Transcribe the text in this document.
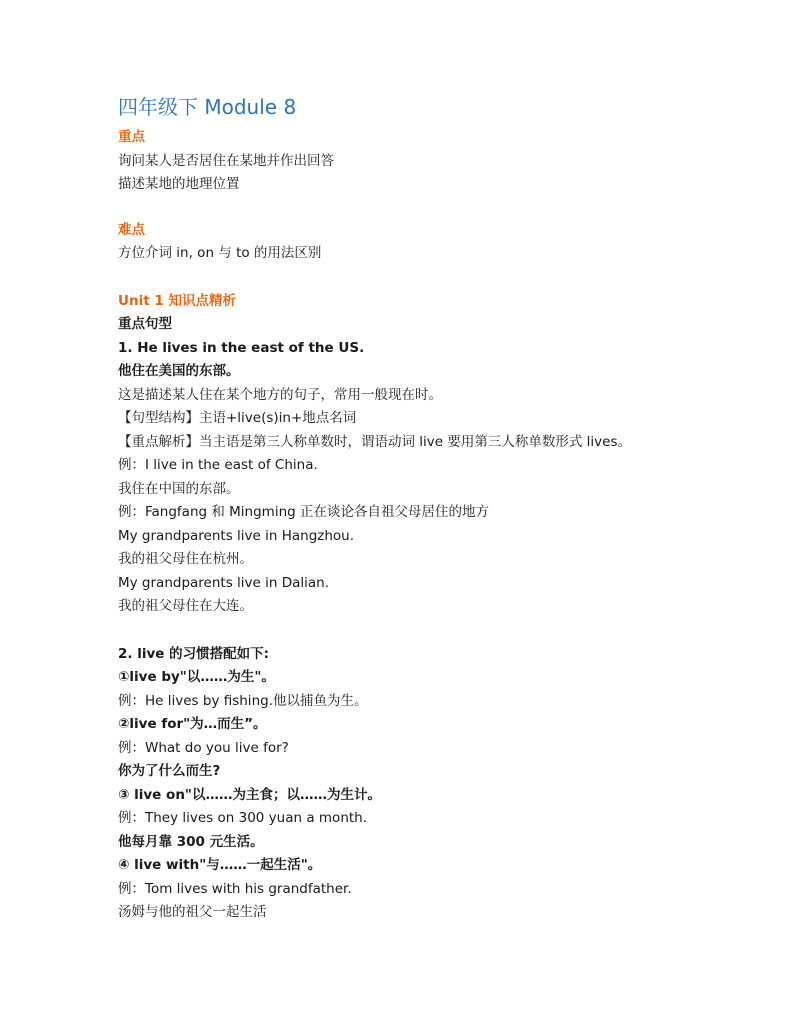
四年级下 Module 8
重点
询问某人是否居住在某地并作出回答
描述某地的地理位置
难点
方位介词 in, on 与 to 的用法区别
Unit 1 知识点精析
重点句型
1. He lives in the east of the US.
他住在美国的东部。
这是描述某人住在某个地方的句子，常用一般现在时。
【句型结构】主语+live(s)in+地点名词
【重点解析】当主语是第三人称单数时，谓语动词 live 要用第三人称单数形式 lives。
例：I live in the east of China.
我住在中国的东部。
例：Fangfang 和 Mingming 正在谈论各自祖父母居住的地方
My grandparents live in Hangzhou.
我的祖父母住在杭州。
My grandparents live in Dalian.
我的祖父母住在大连。
2. live 的习惯搭配如下:
①live by"以……为生"。
例：He lives by fishing.他以捕鱼为生。
②live for"为…而生”。
例：What do you live for?
你为了什么而生?
③ live on"以……为主食；以……为生计。
例：They lives on 300 yuan a month.
他每月靠 300 元生活。
④ live with"与……一起生活"。
例：Tom lives with his grandfather.
汤姆与他的祖父一起生活
